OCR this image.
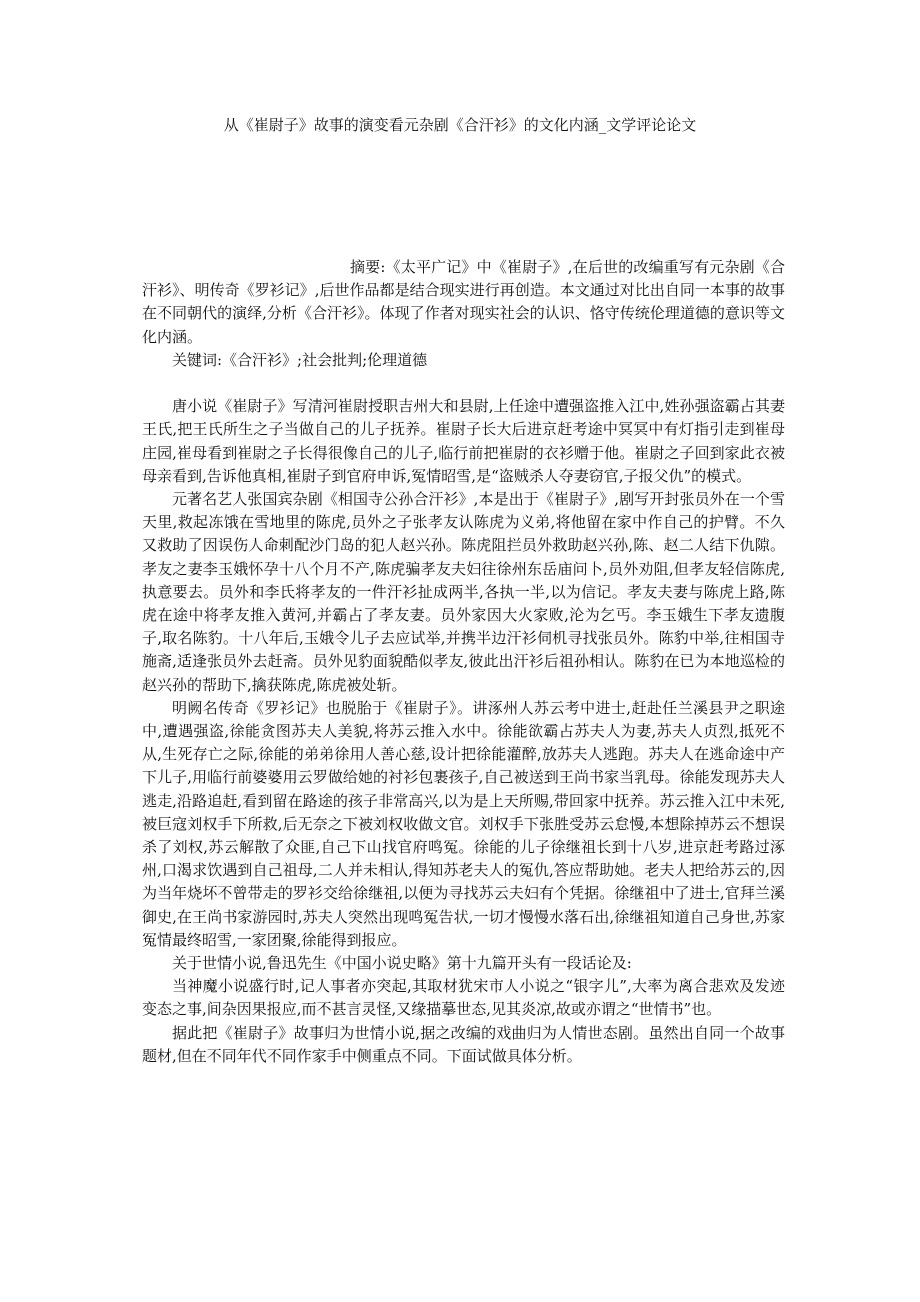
从《崔尉子》故事的演变看元杂剧《合汗衫》的文化内涵_文学评论论文

摘要:《太平广记》中《崔尉子》,在后世的改编重写有元杂剧《合汗衫》、明传奇《罗衫记》,后世作品都是结合现实进行再创造。本文通过对比出自同一本事的故事在不同朝代的演绎,分析《合汗衫》。体现了作者对现实社会的认识、恪守传统伦理道德的意识等文化内涵。

关键词:《合汗衫》;社会批判;伦理道德

唐小说《崔尉子》写清河崔尉授职吉州大和县尉,上任途中遭强盗推入江中,姓孙强盗霸占其妻王氏,把王氏所生之子当做自己的儿子抚养。崔尉子长大后进京赶考途中冥冥中有灯指引走到崔母庄园,崔母看到崔尉之子长得很像自己的儿子,临行前把崔尉的衣衫赠于他。崔尉之子回到家此衣被母亲看到,告诉他真相,崔尉子到官府申诉,冤情昭雪,是“盗贼杀人夺妻窃官,子报父仇”的模式。

元著名艺人张国宾杂剧《相国寺公孙合汗衫》,本是出于《崔尉子》,剧写开封张员外在一个雪天里,救起冻饿在雪地里的陈虎,员外之子张孝友认陈虎为义弟,将他留在家中作自己的护臂。不久又救助了因误伤人命刺配沙门岛的犯人赵兴孙。陈虎阻拦员外救助赵兴孙,陈、赵二人结下仇隙。孝友之妻李玉娥怀孕十八个月不产,陈虎骗孝友夫妇往徐州东岳庙问卜,员外劝阻,但孝友轻信陈虎,执意要去。员外和李氏将孝友的一件汗衫扯成两半,各执一半,以为信记。孝友夫妻与陈虎上路,陈虎在途中将孝友推入黄河,并霸占了孝友妻。员外家因大火家败,沦为乞丐。李玉娥生下孝友遗腹子,取名陈豹。十八年后,玉娥令儿子去应试举,并携半边汗衫伺机寻找张员外。陈豹中举,往相国寺施斋,适逢张员外去赶斋。员外见豹面貌酷似孝友,彼此出汗衫后祖孙相认。陈豹在已为本地巡检的赵兴孙的帮助下,擒获陈虎,陈虎被处斩。

明阙名传奇《罗衫记》也脱胎于《崔尉子》。讲涿州人苏云考中进士,赶赴任兰溪县尹之职途中,遭遇强盗,徐能贪图苏夫人美貌,将苏云推入水中。徐能欲霸占苏夫人为妻,苏夫人贞烈,抵死不从,生死存亡之际,徐能的弟弟徐用人善心慈,设计把徐能灌醉,放苏夫人逃跑。苏夫人在逃命途中产下儿子,用临行前婆婆用云罗做给她的衬衫包裹孩子,自己被送到王尚书家当乳母。徐能发现苏夫人逃走,沿路追赶,看到留在路途的孩子非常高兴,以为是上天所赐,带回家中抚养。苏云推入江中未死,被巨寇刘权手下所救,后无奈之下被刘权收做文官。刘权手下张胜受苏云怠慢,本想除掉苏云不想误杀了刘权,苏云解散了众匪,自己下山找官府鸣冤。徐能的儿子徐继祖长到十八岁,进京赶考路过涿州,口渴求饮遇到自己祖母,二人并未相认,得知苏老夫人的冤仇,答应帮助她。老夫人把给苏云的,因为当年烧坏不曾带走的罗衫交给徐继祖,以便为寻找苏云夫妇有个凭据。徐继祖中了进士,官拜兰溪御史,在王尚书家游园时,苏夫人突然出现鸣冤告状,一切才慢慢水落石出,徐继祖知道自己身世,苏家冤情最终昭雪,一家团聚,徐能得到报应。

关于世情小说,鲁迅先生《中国小说史略》第十九篇开头有一段话论及:

当神魔小说盛行时,记人事者亦突起,其取材犹宋市人小说之“银字儿”,大率为离合悲欢及发迹变态之事,间杂因果报应,而不甚言灵怪,又缘描摹世态,见其炎凉,故或亦谓之“世情书”也。

据此把《崔尉子》故事归为世情小说,据之改编的戏曲归为人情世态剧。虽然出自同一个故事题材,但在不同年代不同作家手中侧重点不同。下面试做具体分析。
